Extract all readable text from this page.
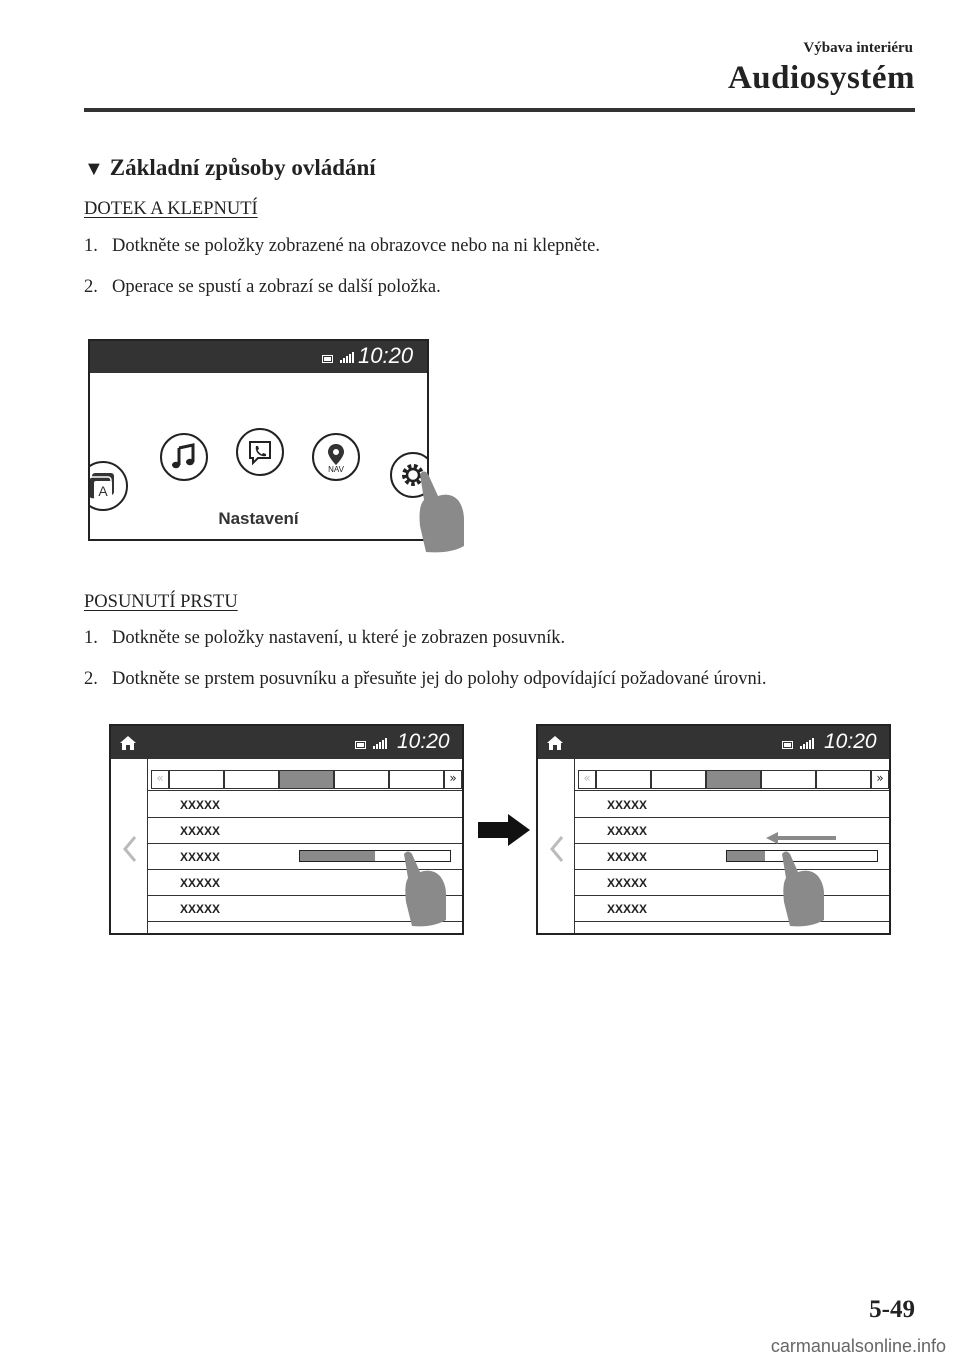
Výbava interiéru
Audiosystém
▼ Základní způsoby ovládání
DOTEK A KLEPNUTÍ
1. Dotkněte se položky zobrazené na obrazovce nebo na ni klepněte.
2. Operace se spustí a zobrazí se další položka.
10:20
A
NAV
Nastavení
POSUNUTÍ PRSTU
1. Dotkněte se položky nastavení, u které je zobrazen posuvník.
2. Dotkněte se prstem posuvníku a přesuňte jej do polohy odpovídající požadované úrovni.
10:20
«	»
XXXXX
XXXXX
XXXXX
XXXXX
XXXXX
10:20
«	»
XXXXX
XXXXX
XXXXX
XXXXX
XXXXX
5-49
carmanualsonline.info
